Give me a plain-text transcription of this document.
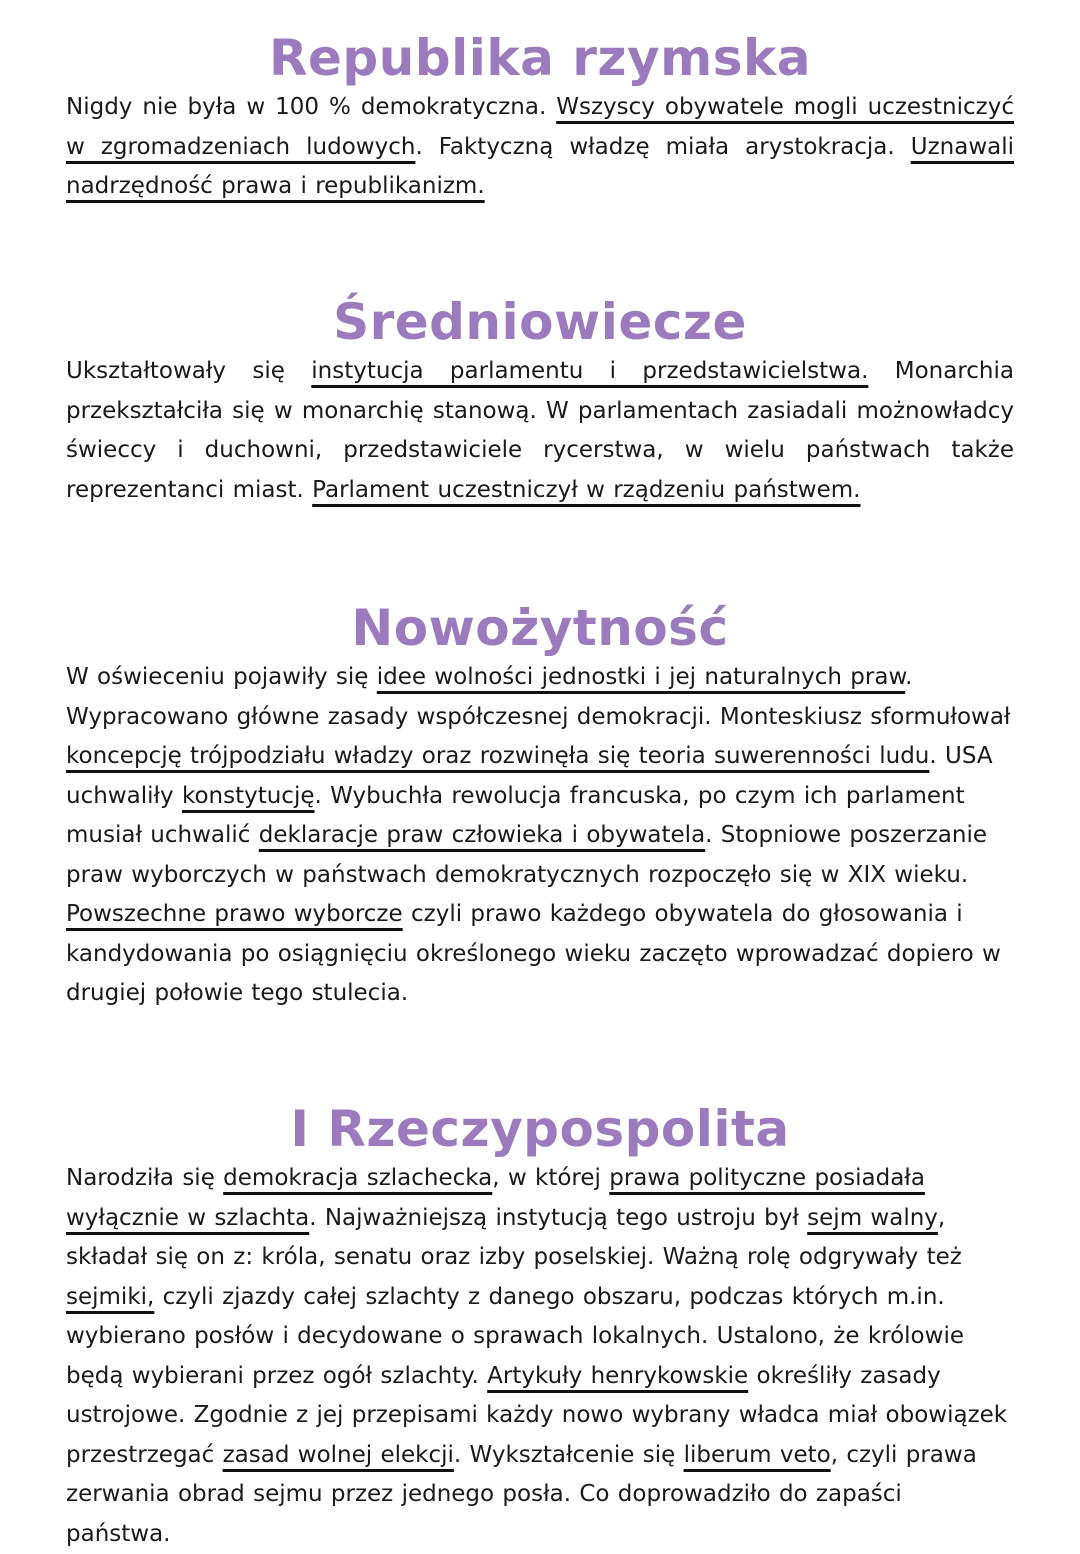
Republika rzymska

Nigdy nie była w 100 % demokratyczna. Wszyscy obywatele mogli uczestniczyć w zgromadzeniach ludowych. Faktyczną władzę miała arystokracja. Uznawali nadrzędność prawa i republikanizm.

Średniowiecze

Ukształtowały się instytucja parlamentu i przedstawicielstwa. Monarchia przekształciła się w monarchię stanową. W parlamentach zasiadali możnowładcy świeccy i duchowni, przedstawiciele rycerstwa, w wielu państwach także reprezentanci miast. Parlament uczestniczył w rządzeniu państwem.

Nowożytność

W oświeceniu pojawiły się idee wolności jednostki i jej naturalnych praw. Wypracowano główne zasady współczesnej demokracji. Monteskiusz sformułował koncepcję trójpodziału władzy oraz rozwinęła się teoria suwerenności ludu. USA uchwaliły konstytucję. Wybuchła rewolucja francuska, po czym ich parlament musiał uchwalić deklaracje praw człowieka i obywatela. Stopniowe poszerzanie praw wyborczych w państwach demokratycznych rozpoczęło się w XIX wieku. Powszechne prawo wyborcze czyli prawo każdego obywatela do głosowania i kandydowania po osiągnięciu określonego wieku zaczęto wprowadzać dopiero w drugiej połowie tego stulecia.

I Rzeczypospolita

Narodziła się demokracja szlachecka, w której prawa polityczne posiadała wyłącznie w szlachta. Najważniejszą instytucją tego ustroju był sejm walny, składał się on z: króla, senatu oraz izby poselskiej. Ważną rolę odgrywały też sejmiki, czyli zjazdy całej szlachty z danego obszaru, podczas których m.in. wybierano posłów i decydowane o sprawach lokalnych. Ustalono, że królowie będą wybierani przez ogół szlachty. Artykuły henrykowskie określiły zasady ustrojowe. Zgodnie z jej przepisami każdy nowo wybrany władca miał obowiązek przestrzegać zasad wolnej elekcji. Wykształcenie się liberum veto, czyli prawa zerwania obrad sejmu przez jednego posła. Co doprowadziło do zapaści państwa.
